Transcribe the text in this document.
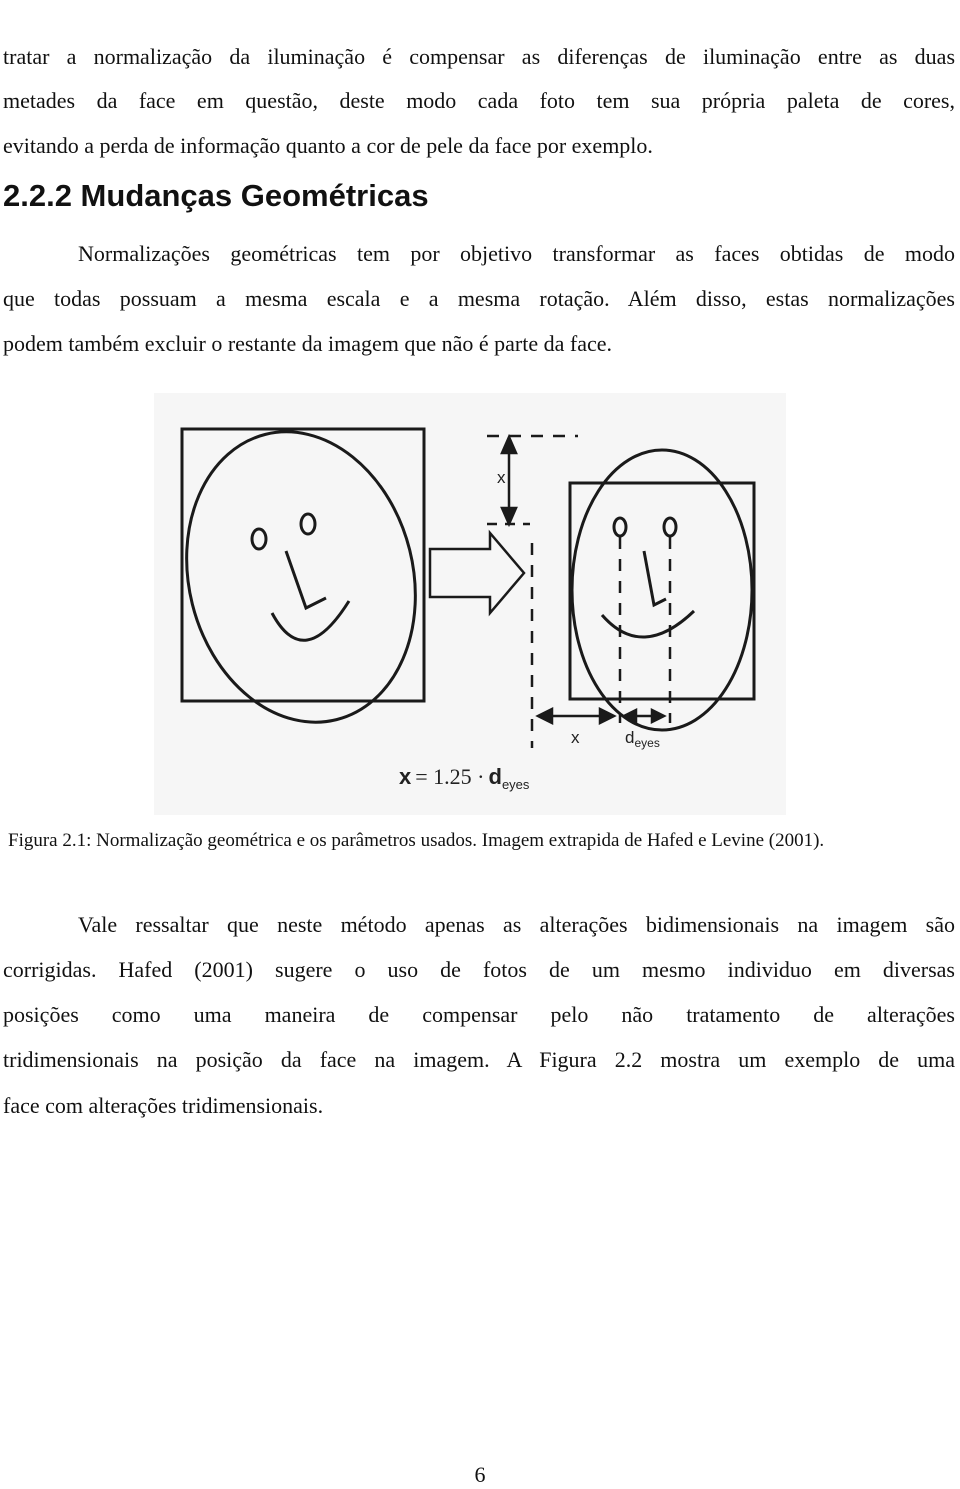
tratar a normalização da iluminação é compensar as diferenças de iluminação entre as duas
metades da face em questão, deste modo cada foto tem sua própria paleta de cores,
evitando a perda de informação quanto a cor de pele da face por exemplo.
2.2.2 Mudanças Geométricas
Normalizações geométricas tem por objetivo transformar as faces obtidas de modo
que todas possuam a mesma escala e a mesma rotação. Além disso, estas normalizações
podem também excluir o restante da imagem que não é parte da face.
x
x	$d_{eyes}$
$x = 1.25 \cdot d_{eyes}$
Figura 2.1: Normalização geométrica e os parâmetros usados. Imagem extrapida de Hafed e Levine (2001).
Vale ressaltar que neste método apenas as alterações bidimensionais na imagem são
corrigidas. Hafed (2001) sugere o uso de fotos de um mesmo individuo em diversas
posições como uma maneira de compensar pelo não tratamento de alterações
tridimensionais na posição da face na imagem. A Figura 2.2 mostra um exemplo de uma
face com alterações tridimensionais.
6
